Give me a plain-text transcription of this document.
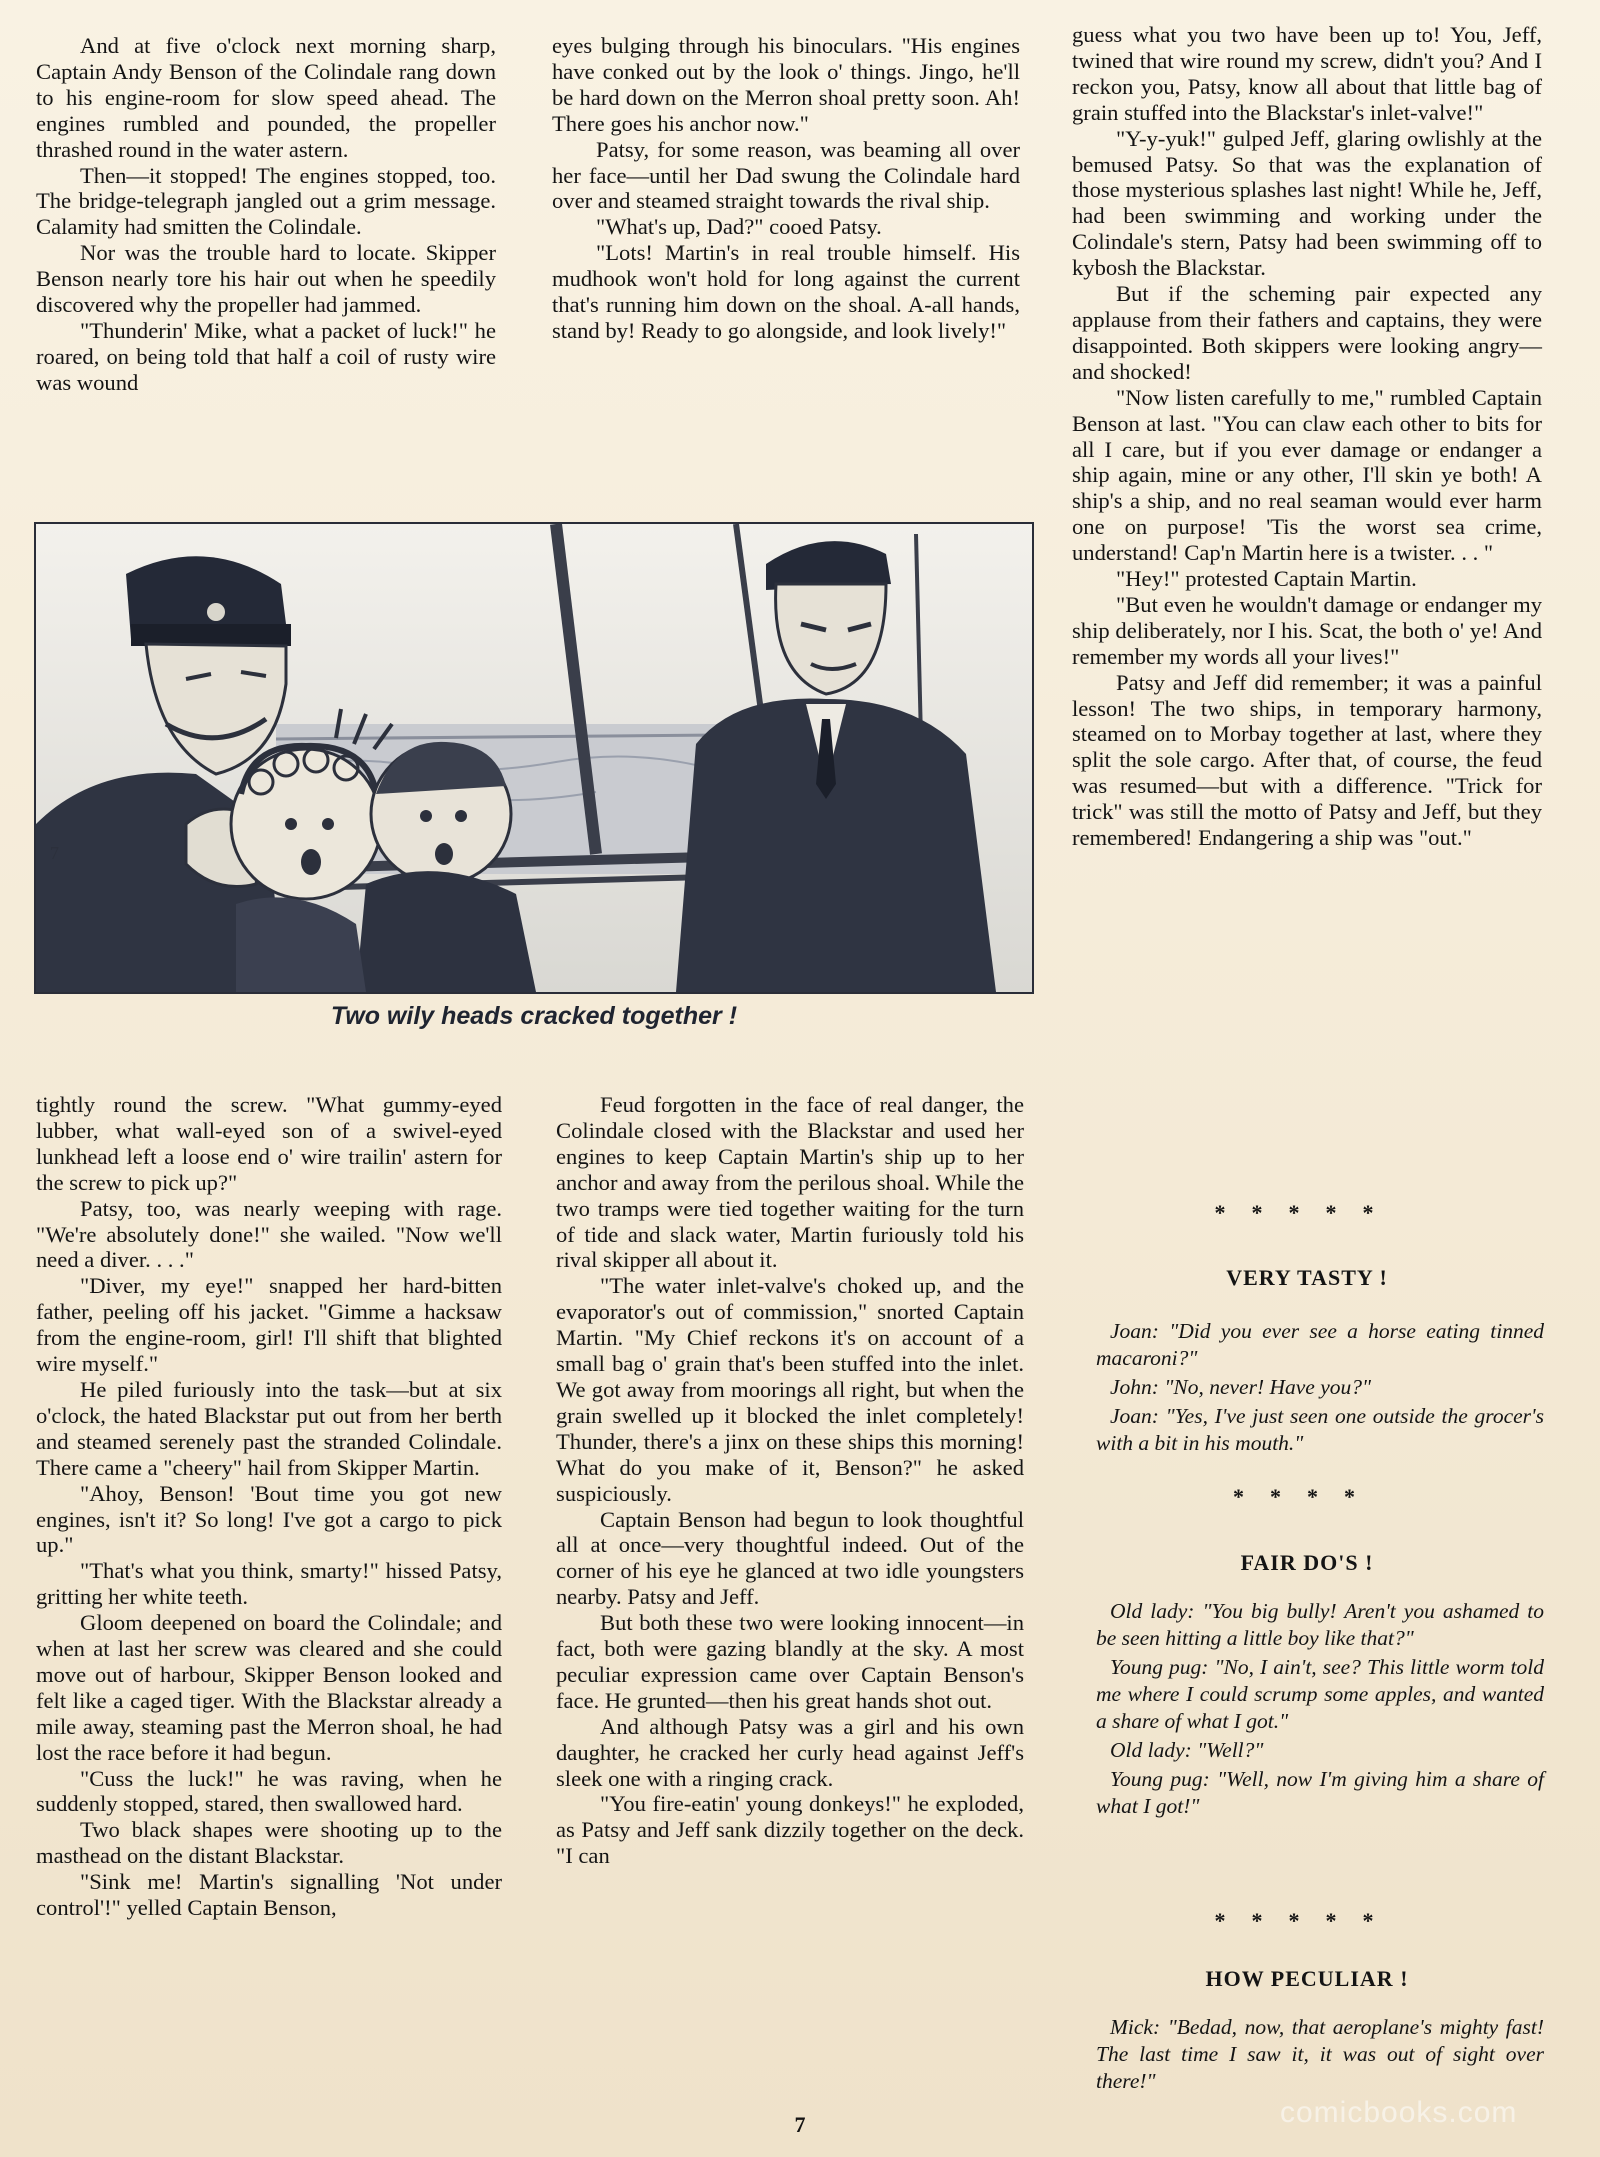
And at five o'clock next morning sharp, Captain Andy Benson of the Colindale rang down to his engine-room for slow speed ahead. The engines rumbled and pounded, the propeller thrashed round in the water astern.

Then—it stopped! The engines stopped, too. The bridge-telegraph jangled out a grim message. Calamity had smitten the Colindale.

Nor was the trouble hard to locate. Skipper Benson nearly tore his hair out when he speedily discovered why the propeller had jammed.

"Thunderin' Mike, what a packet of luck!" he roared, on being told that half a coil of rusty wire was wound

eyes bulging through his binoculars. "His engines have conked out by the look o' things. Jingo, he'll be hard down on the Merron shoal pretty soon. Ah! There goes his anchor now."

Patsy, for some reason, was beaming all over her face—until her Dad swung the Colindale hard over and steamed straight towards the rival ship.

"What's up, Dad?" cooed Patsy.

"Lots! Martin's in real trouble himself. His mudhook won't hold for long against the current that's running him down on the shoal. A-all hands, stand by! Ready to go alongside, and look lively!"

guess what you two have been up to! You, Jeff, twined that wire round my screw, didn't you? And I reckon you, Patsy, know all about that little bag of grain stuffed into the Blackstar's inlet-valve!"

"Y-y-yuk!" gulped Jeff, glaring owlishly at the bemused Patsy. So that was the explanation of those mysterious splashes last night! While he, Jeff, had been swimming and working under the Colindale's stern, Patsy had been swimming off to kybosh the Blackstar.

But if the scheming pair expected any applause from their fathers and captains, they were disappointed. Both skippers were looking angry—and shocked!

"Now listen carefully to me," rumbled Captain Benson at last. "You can claw each other to bits for all I care, but if you ever damage or endanger a ship again, mine or any other, I'll skin ye both! A ship's a ship, and no real seaman would ever harm one on purpose! 'Tis the worst sea crime, understand! Cap'n Martin here is a twister. . . "

"Hey!" protested Captain Martin.

"But even he wouldn't damage or endanger my ship deliberately, nor I his. Scat, the both o' ye! And remember my words all your lives!"

Patsy and Jeff did remember; it was a painful lesson! The two ships, in temporary harmony, steamed on to Morbay together at last, where they split the sole cargo. After that, of course, the feud was resumed—but with a difference. "Trick for trick" was still the motto of Patsy and Jeff, but they remembered! Endangering a ship was "out."

7
Two wily heads cracked together !

tightly round the screw. "What gummy-eyed lubber, what wall-eyed son of a swivel-eyed lunkhead left a loose end o' wire trailin' astern for the screw to pick up?"

Patsy, too, was nearly weeping with rage. "We're absolutely done!" she wailed. "Now we'll need a diver. . . ."

"Diver, my eye!" snapped her hard-bitten father, peeling off his jacket. "Gimme a hacksaw from the engine-room, girl! I'll shift that blighted wire myself."

He piled furiously into the task—but at six o'clock, the hated Blackstar put out from her berth and steamed serenely past the stranded Colindale. There came a "cheery" hail from Skipper Martin.

"Ahoy, Benson! 'Bout time you got new engines, isn't it? So long! I've got a cargo to pick up."

"That's what you think, smarty!" hissed Patsy, gritting her white teeth.

Gloom deepened on board the Colindale; and when at last her screw was cleared and she could move out of harbour, Skipper Benson looked and felt like a caged tiger. With the Blackstar already a mile away, steaming past the Merron shoal, he had lost the race before it had begun.

"Cuss the luck!" he was raving, when he suddenly stopped, stared, then swallowed hard.

Two black shapes were shooting up to the masthead on the distant Blackstar.

"Sink me! Martin's signalling 'Not under control'!" yelled Captain Benson,

Feud forgotten in the face of real danger, the Colindale closed with the Blackstar and used her engines to keep Captain Martin's ship up to her anchor and away from the perilous shoal. While the two tramps were tied together waiting for the turn of tide and slack water, Martin furiously told his rival skipper all about it.

"The water inlet-valve's choked up, and the evaporator's out of commission," snorted Captain Martin. "My Chief reckons it's on account of a small bag o' grain that's been stuffed into the inlet. We got away from moorings all right, but when the grain swelled up it blocked the inlet completely! Thunder, there's a jinx on these ships this morning! What do you make of it, Benson?" he asked suspiciously.

Captain Benson had begun to look thoughtful all at once—very thoughtful indeed. Out of the corner of his eye he glanced at two idle youngsters nearby. Patsy and Jeff.

But both these two were looking innocent—in fact, both were gazing blandly at the sky. A most peculiar expression came over Captain Benson's face. He grunted—then his great hands shot out.

And although Patsy was a girl and his own daughter, he cracked her curly head against Jeff's sleek one with a ringing crack.

"You fire-eatin' young donkeys!" he exploded, as Patsy and Jeff sank dizzily together on the deck. "I can

*****
VERY TASTY !

Joan: "Did you ever see a horse eating tinned macaroni?"

John: "No, never! Have you?"

Joan: "Yes, I've just seen one outside the grocer's with a bit in his mouth."

****
FAIR DO'S !

Old lady: "You big bully! Aren't you ashamed to be seen hitting a little boy like that?"

Young pug: "No, I ain't, see? This little worm told me where I could scrump some apples, and wanted a share of what I got."

Old lady: "Well?"

Young pug: "Well, now I'm giving him a share of what I got!"

*****
HOW PECULIAR !

Mick: "Bedad, now, that aeroplane's mighty fast! The last time I saw it, it was out of sight over there!"

7	comicbooks.com
